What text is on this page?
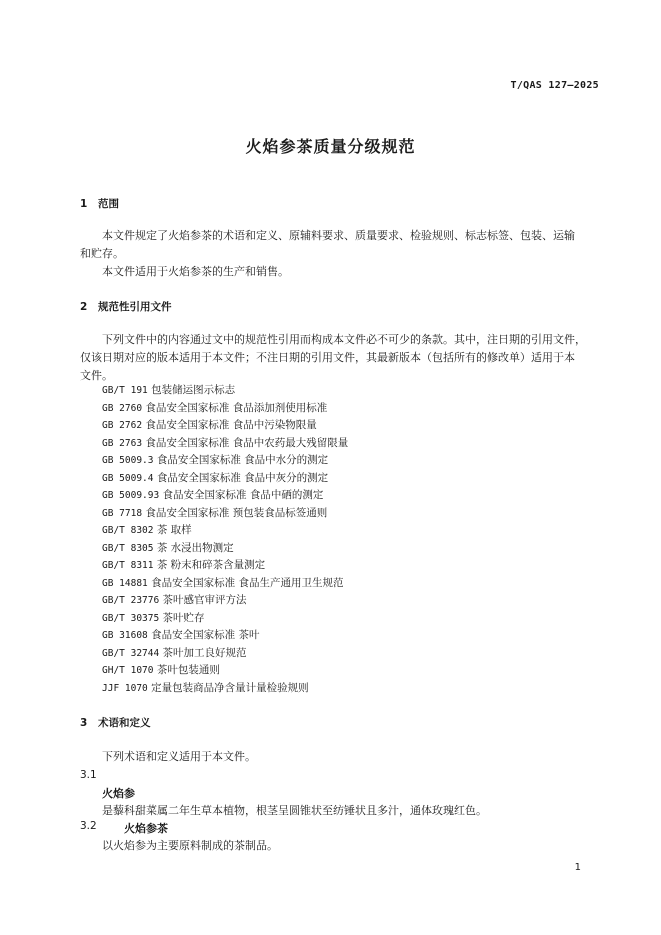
T/QAS 127—2025
火焰参茶质量分级规范
1 范围
本文件规定了火焰参茶的术语和定义、原辅料要求、质量要求、检验规则、标志标签、包装、运输
和贮存。
本文件适用于火焰参茶的生产和销售。
2 规范性引用文件
下列文件中的内容通过文中的规范性引用而构成本文件必不可少的条款。其中，注日期的引用文件，
仅该日期对应的版本适用于本文件；不注日期的引用文件，其最新版本（包括所有的修改单）适用于本
文件。
GB/T 191 包装储运图示标志
GB 2760 食品安全国家标准 食品添加剂使用标准
GB 2762 食品安全国家标准 食品中污染物限量
GB 2763 食品安全国家标准 食品中农药最大残留限量
GB 5009.3 食品安全国家标准 食品中水分的测定
GB 5009.4 食品安全国家标准 食品中灰分的测定
GB 5009.93 食品安全国家标准 食品中硒的测定
GB 7718 食品安全国家标准 预包装食品标签通则
GB/T 8302 茶 取样
GB/T 8305 茶 水浸出物测定
GB/T 8311 茶 粉末和碎茶含量测定
GB 14881 食品安全国家标准 食品生产通用卫生规范
GB/T 23776 茶叶感官审评方法
GB/T 30375 茶叶贮存
GB 31608 食品安全国家标准 茶叶
GB/T 32744 茶叶加工良好规范
GH/T 1070 茶叶包装通则
JJF 1070 定量包装商品净含量计量检验规则
3 术语和定义
下列术语和定义适用于本文件。
3.1
火焰参
是藜科甜菜属二年生草本植物，根茎呈圆锥状至纺锤状且多汁，通体玫瑰红色。
3.2 火焰参茶
以火焰参为主要原料制成的茶制品。
1
